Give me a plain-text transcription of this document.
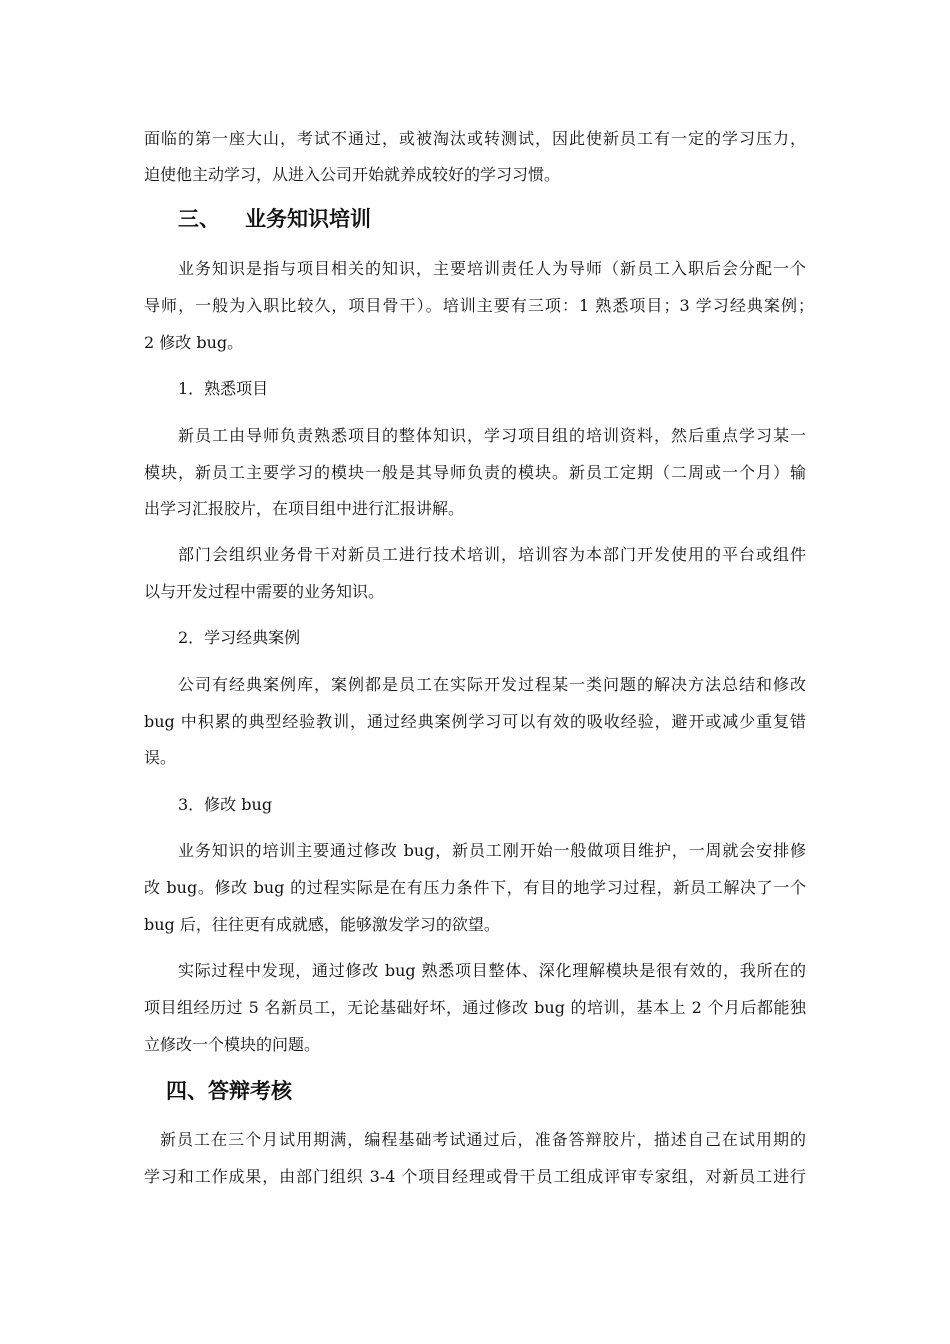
面临的第一座大山，考试不通过，或被淘汰或转测试，因此使新员工有一定的学习压力，
迫使他主动学习，从进入公司开始就养成较好的学习习惯。
三、 业务知识培训
业务知识是指与项目相关的知识，主要培训责任人为导师（新员工入职后会分配一个
导师，一般为入职比较久，项目骨干）。培训主要有三项：1 熟悉项目；3 学习经典案例；
2 修改 bug。
1．熟悉项目
新员工由导师负责熟悉项目的整体知识，学习项目组的培训资料，然后重点学习某一
模块，新员工主要学习的模块一般是其导师负责的模块。新员工定期（二周或一个月）输
出学习汇报胶片，在项目组中进行汇报讲解。
部门会组织业务骨干对新员工进行技术培训，培训容为本部门开发使用的平台或组件
以与开发过程中需要的业务知识。
2．学习经典案例
公司有经典案例库，案例都是员工在实际开发过程某一类问题的解决方法总结和修改
bug 中积累的典型经验教训，通过经典案例学习可以有效的吸收经验，避开或减少重复错
误。
3．修改 bug
业务知识的培训主要通过修改 bug，新员工刚开始一般做项目维护，一周就会安排修
改 bug。修改 bug 的过程实际是在有压力条件下，有目的地学习过程，新员工解决了一个
bug 后，往往更有成就感，能够激发学习的欲望。
实际过程中发现，通过修改 bug 熟悉项目整体、深化理解模块是很有效的，我所在的
项目组经历过 5 名新员工，无论基础好坏，通过修改 bug 的培训，基本上 2 个月后都能独
立修改一个模块的问题。
四、答辩考核
新员工在三个月试用期满，编程基础考试通过后，准备答辩胶片，描述自己在试用期的
学习和工作成果，由部门组织 3-4 个项目经理或骨干员工组成评审专家组，对新员工进行
